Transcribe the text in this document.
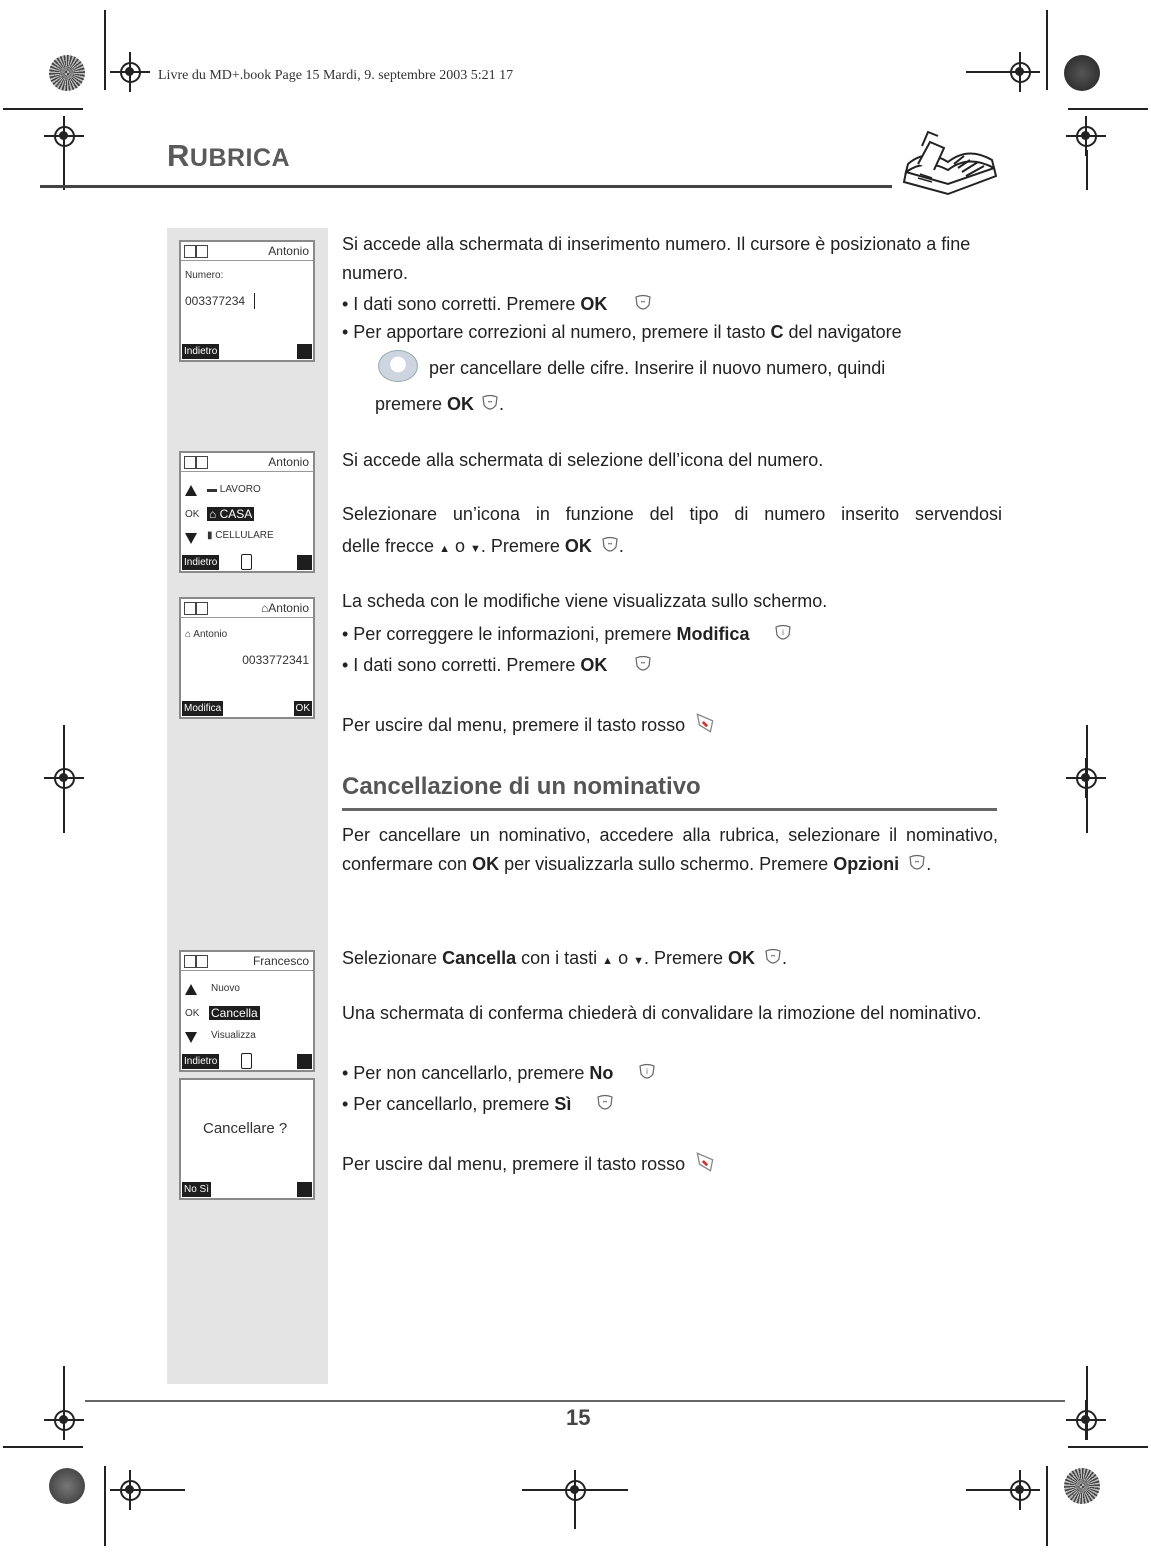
Livre du MD+.book Page 15 Mardi, 9. septembre 2003 5:21 17
RUBRICA
Antonio
Numero:
003377234
Indietro
Antonio
▬ LAVORO
OK ⌂ CASA
▮ CELLULARE
Indietro
⌂Antonio
⌂ Antonio
0033772341
Modifica	OK
Francesco
Nuovo
OK Cancella
Visualizza
Indietro
Cancellare ?
No Sì
Si accede alla schermata di inserimento numero. Il cursore è posizionato a fine numero.
• I dati sono corretti. Premere OK	••
• Per apportare correzioni al numero, premere il tasto C del navigatore
per cancellare delle cifre. Inserire il nuovo numero, quindi
premere OK •• .
Si accede alla schermata di selezione dell’icona del numero.
Selezionare un’icona in funzione del tipo di numero inserito servendosi
delle frecce ▲ o ▼. Premere OK	•• .
La scheda con le modifiche viene visualizzata sullo schermo.
• Per correggere le informazioni, premere Modifica	i
• I dati sono corretti. Premere OK	••
Per uscire dal menu, premere il tasto rosso
Cancellazione di un nominativo
Per cancellare un nominativo, accedere alla rubrica, selezionare il nominativo, confermare con OK per visualizzarla sullo schermo. Premere Opzioni	•• .
Selezionare Cancella con i tasti ▲ o ▼. Premere OK	•• .
Una schermata di conferma chiederà di convalidare la rimozione del nominativo.
• Per non cancellarlo, premere No	i
• Per cancellarlo, premere Sì	••
Per uscire dal menu, premere il tasto rosso
15
